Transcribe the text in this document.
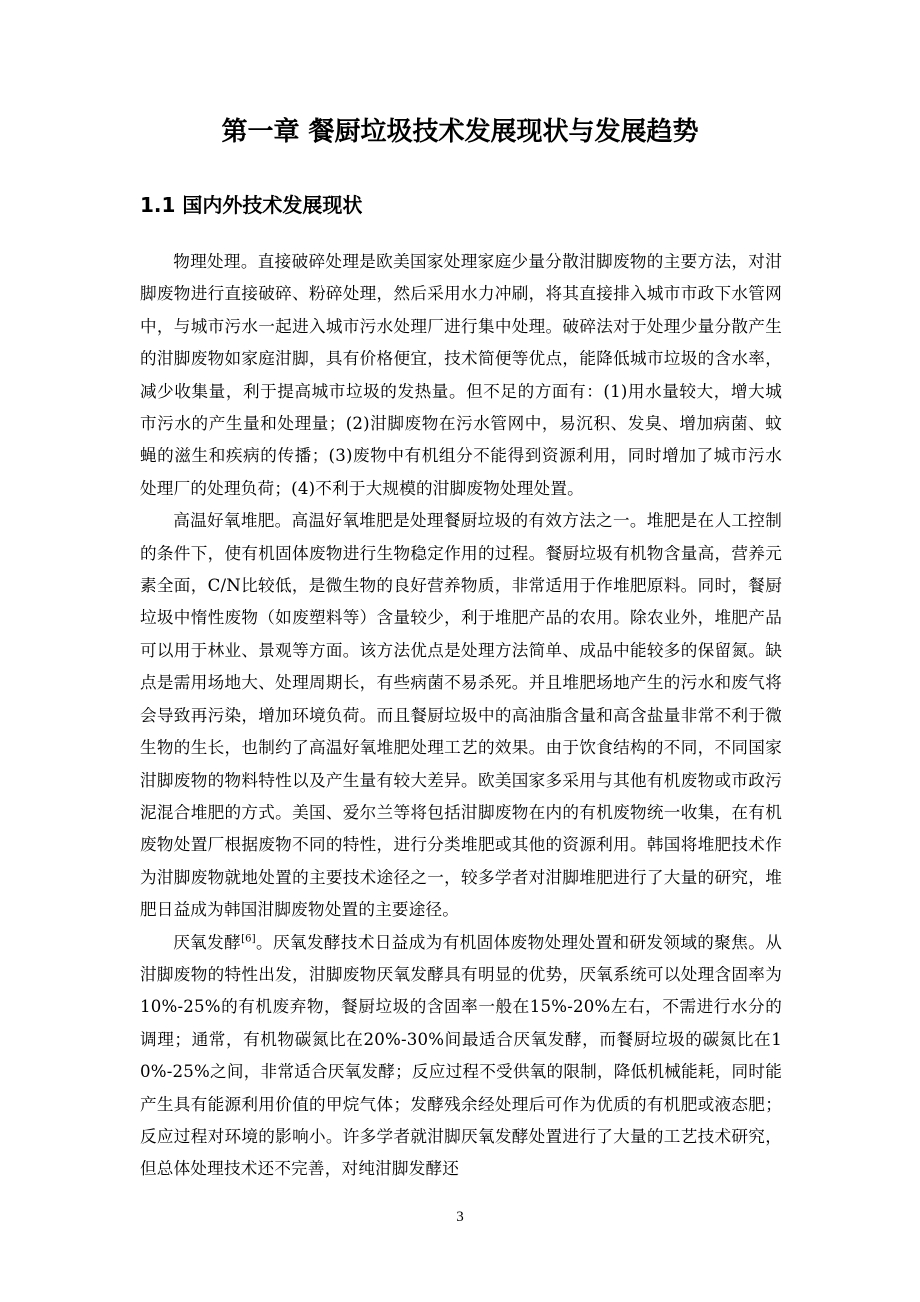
第一章 餐厨垃圾技术发展现状与发展趋势
1.1 国内外技术发展现状

物理处理。直接破碎处理是欧美国家处理家庭少量分散泔脚废物的主要方法，对泔脚废物进行直接破碎、粉碎处理，然后采用水力冲刷，将其直接排入城市市政下水管网中，与城市污水一起进入城市污水处理厂进行集中处理。破碎法对于处理少量分散产生的泔脚废物如家庭泔脚，具有价格便宜，技术简便等优点，能降低城市垃圾的含水率，减少收集量，利于提高城市垃圾的发热量。但不足的方面有：(1)用水量较大，增大城市污水的产生量和处理量；(2)泔脚废物在污水管网中，易沉积、发臭、增加病菌、蚊蝇的滋生和疾病的传播；(3)废物中有机组分不能得到资源利用，同时增加了城市污水处理厂的处理负荷；(4)不利于大规模的泔脚废物处理处置。

高温好氧堆肥。高温好氧堆肥是处理餐厨垃圾的有效方法之一。堆肥是在人工控制的条件下，使有机固体废物进行生物稳定作用的过程。餐厨垃圾有机物含量高，营养元素全面，C/N比较低，是微生物的良好营养物质，非常适用于作堆肥原料。同时，餐厨垃圾中惰性废物（如废塑料等）含量较少，利于堆肥产品的农用。除农业外，堆肥产品可以用于林业、景观等方面。该方法优点是处理方法简单、成品中能较多的保留氮。缺点是需用场地大、处理周期长，有些病菌不易杀死。并且堆肥场地产生的污水和废气将会导致再污染，增加环境负荷。而且餐厨垃圾中的高油脂含量和高含盐量非常不利于微生物的生长，也制约了高温好氧堆肥处理工艺的效果。由于饮食结构的不同，不同国家泔脚废物的物料特性以及产生量有较大差异。欧美国家多采用与其他有机废物或市政污泥混合堆肥的方式。美国、爱尔兰等将包括泔脚废物在内的有机废物统一收集，在有机废物处置厂根据废物不同的特性，进行分类堆肥或其他的资源利用。韩国将堆肥技术作为泔脚废物就地处置的主要技术途径之一，较多学者对泔脚堆肥进行了大量的研究，堆肥日益成为韩国泔脚废物处置的主要途径。

厌氧发酵[6]。厌氧发酵技术日益成为有机固体废物处理处置和研发领域的聚焦。从泔脚废物的特性出发，泔脚废物厌氧发酵具有明显的优势，厌氧系统可以处理含固率为10%-25%的有机废弃物，餐厨垃圾的含固率一般在15%-20%左右，不需进行水分的调理；通常，有机物碳氮比在20%-30%间最适合厌氧发酵，而餐厨垃圾的碳氮比在10%-25%之间，非常适合厌氧发酵；反应过程不受供氧的限制，降低机械能耗，同时能产生具有能源利用价值的甲烷气体；发酵残余经处理后可作为优质的有机肥或液态肥；反应过程对环境的影响小。许多学者就泔脚厌氧发酵处置进行了大量的工艺技术研究，但总体处理技术还不完善，对纯泔脚发酵还

3
